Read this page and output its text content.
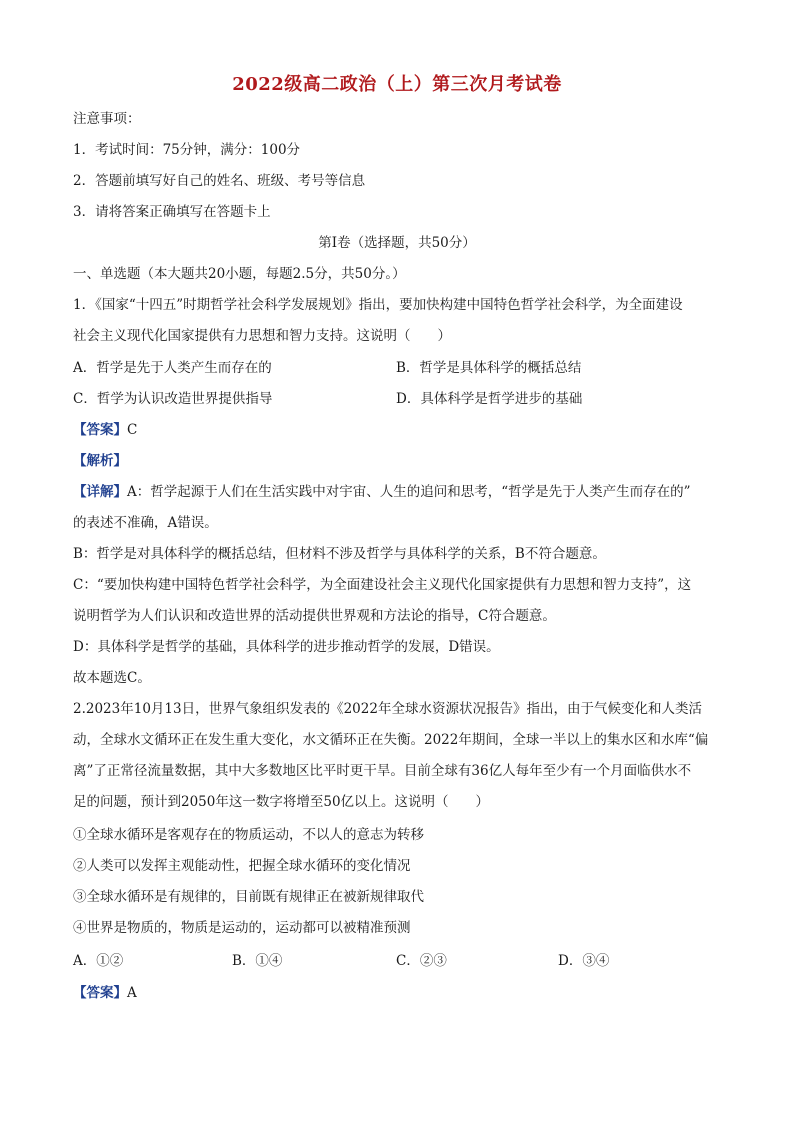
2022级高二政治（上）第三次月考试卷
注意事项：
1．考试时间：75分钟，满分：100分
2．答题前填写好自己的姓名、班级、考号等信息
3．请将答案正确填写在答题卡上
第Ⅰ卷（选择题，共50分）
一、单选题（本大题共20小题，每题2.5分，共50分。）
1．《国家“十四五”时期哲学社会科学发展规划》指出，要加快构建中国特色哲学社会科学，为全面建设
社会主义现代化国家提供有力思想和智力支持。这说明（　　）
A．哲学是先于人类产生而存在的	B．哲学是具体科学的概括总结
C．哲学为认识改造世界提供指导	D．具体科学是哲学进步的基础
【答案】C
【解析】
【详解】A：哲学起源于人们在生活实践中对宇宙、人生的追问和思考，“哲学是先于人类产生而存在的”
的表述不准确，A错误。
B：哲学是对具体科学的概括总结，但材料不涉及哲学与具体科学的关系，B不符合题意。
C：“要加快构建中国特色哲学社会科学，为全面建设社会主义现代化国家提供有力思想和智力支持”，这
说明哲学为人们认识和改造世界的活动提供世界观和方法论的指导，C符合题意。
D：具体科学是哲学的基础，具体科学的进步推动哲学的发展，D错误。
故本题选C。
2.2023年10月13日，世界气象组织发表的《2022年全球水资源状况报告》指出，由于气候变化和人类活
动，全球水文循环正在发生重大变化，水文循环正在失衡。2022年期间，全球一半以上的集水区和水库“偏
离”了正常径流量数据，其中大多数地区比平时更干旱。目前全球有36亿人每年至少有一个月面临供水不
足的问题，预计到2050年这一数字将增至50亿以上。这说明（　　）
①全球水循环是客观存在的物质运动，不以人的意志为转移
②人类可以发挥主观能动性，把握全球水循环的变化情况
③全球水循环是有规律的，目前既有规律正在被新规律取代
④世界是物质的，物质是运动的，运动都可以被精准预测
A．①②	B．①④	C．②③	D．③④
【答案】A
